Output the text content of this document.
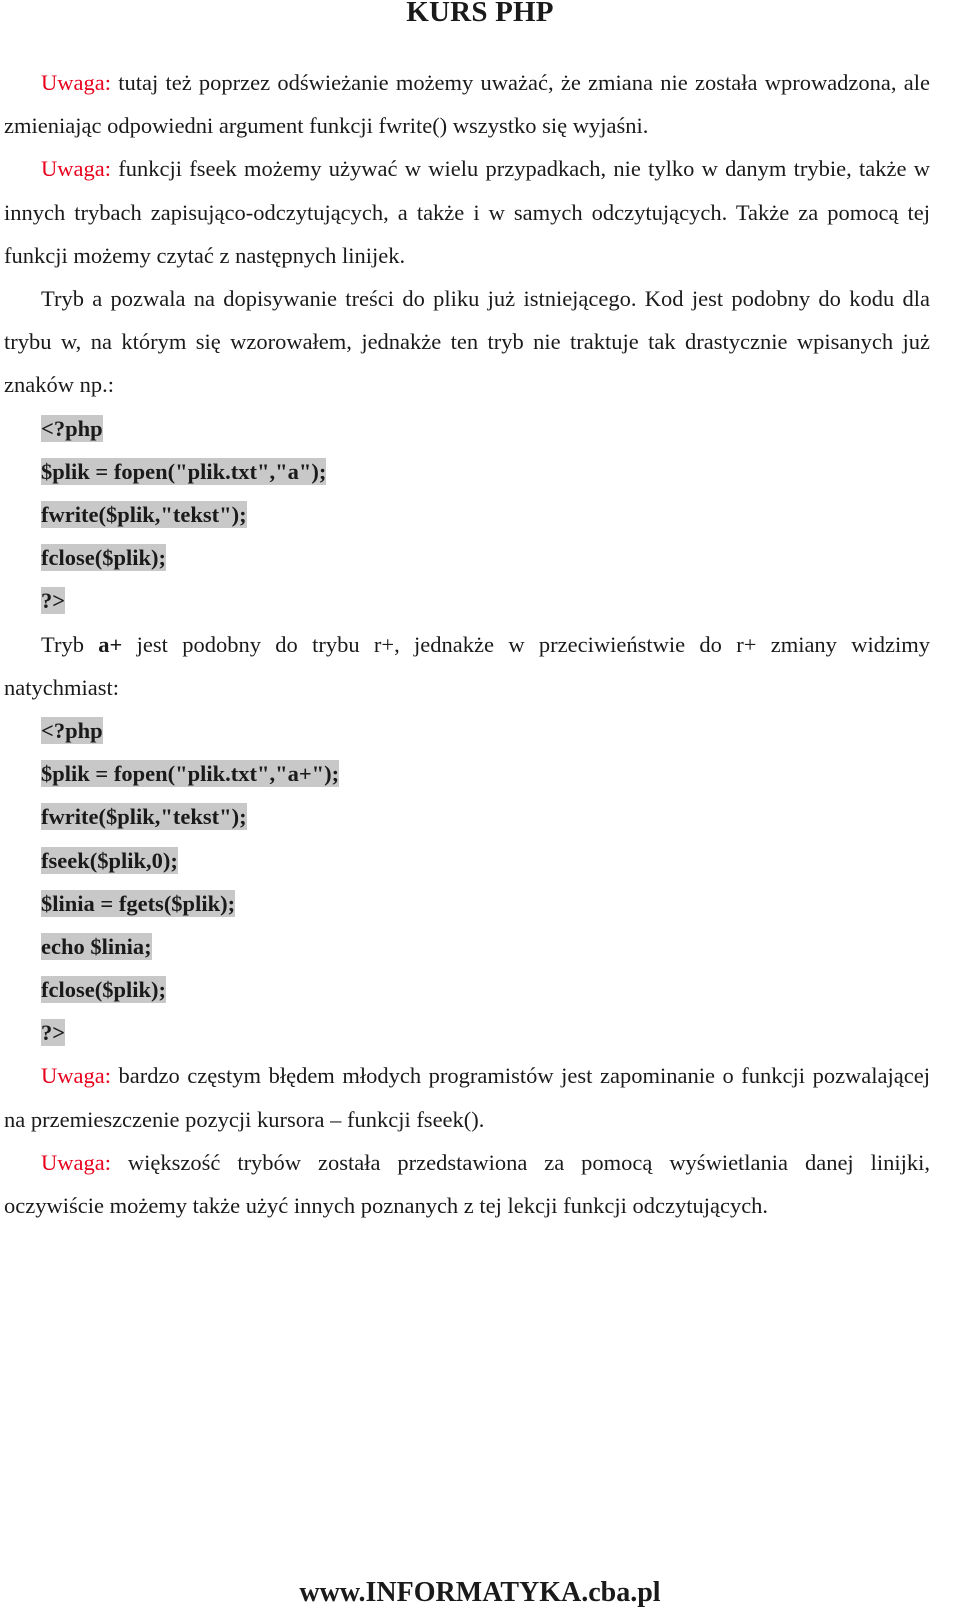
KURS PHP

Uwaga: tutaj też poprzez odświeżanie możemy uważać, że zmiana nie została wprowadzona, ale zmieniając odpowiedni argument funkcji fwrite() wszystko się wyjaśni.

Uwaga: funkcji fseek możemy używać w wielu przypadkach, nie tylko w danym trybie, także w innych trybach zapisująco-odczytujących, a także i w samych odczytujących. Także za pomocą tej funkcji możemy czytać z następnych linijek.

Tryb a pozwala na dopisywanie treści do pliku już istniejącego. Kod jest podobny do kodu dla trybu w, na którym się wzorowałem, jednakże ten tryb nie traktuje tak drastycznie wpisanych już znaków np.:

<?php

$plik = fopen("plik.txt","a");

fwrite($plik,"tekst");

fclose($plik);

?>

Tryb a+ jest podobny do trybu r+, jednakże w przeciwieństwie do r+ zmiany widzimy natychmiast:

<?php

$plik = fopen("plik.txt","a+");

fwrite($plik,"tekst");

fseek($plik,0);

$linia = fgets($plik);

echo $linia;

fclose($plik);

?>

Uwaga: bardzo częstym błędem młodych programistów jest zapominanie o funkcji pozwalającej na przemieszczenie pozycji kursora – funkcji fseek().

Uwaga: większość trybów została przedstawiona za pomocą wyświetlania danej linijki, oczywiście możemy także użyć innych poznanych z tej lekcji funkcji odczytujących.

www.INFORMATYKA.cba.pl
